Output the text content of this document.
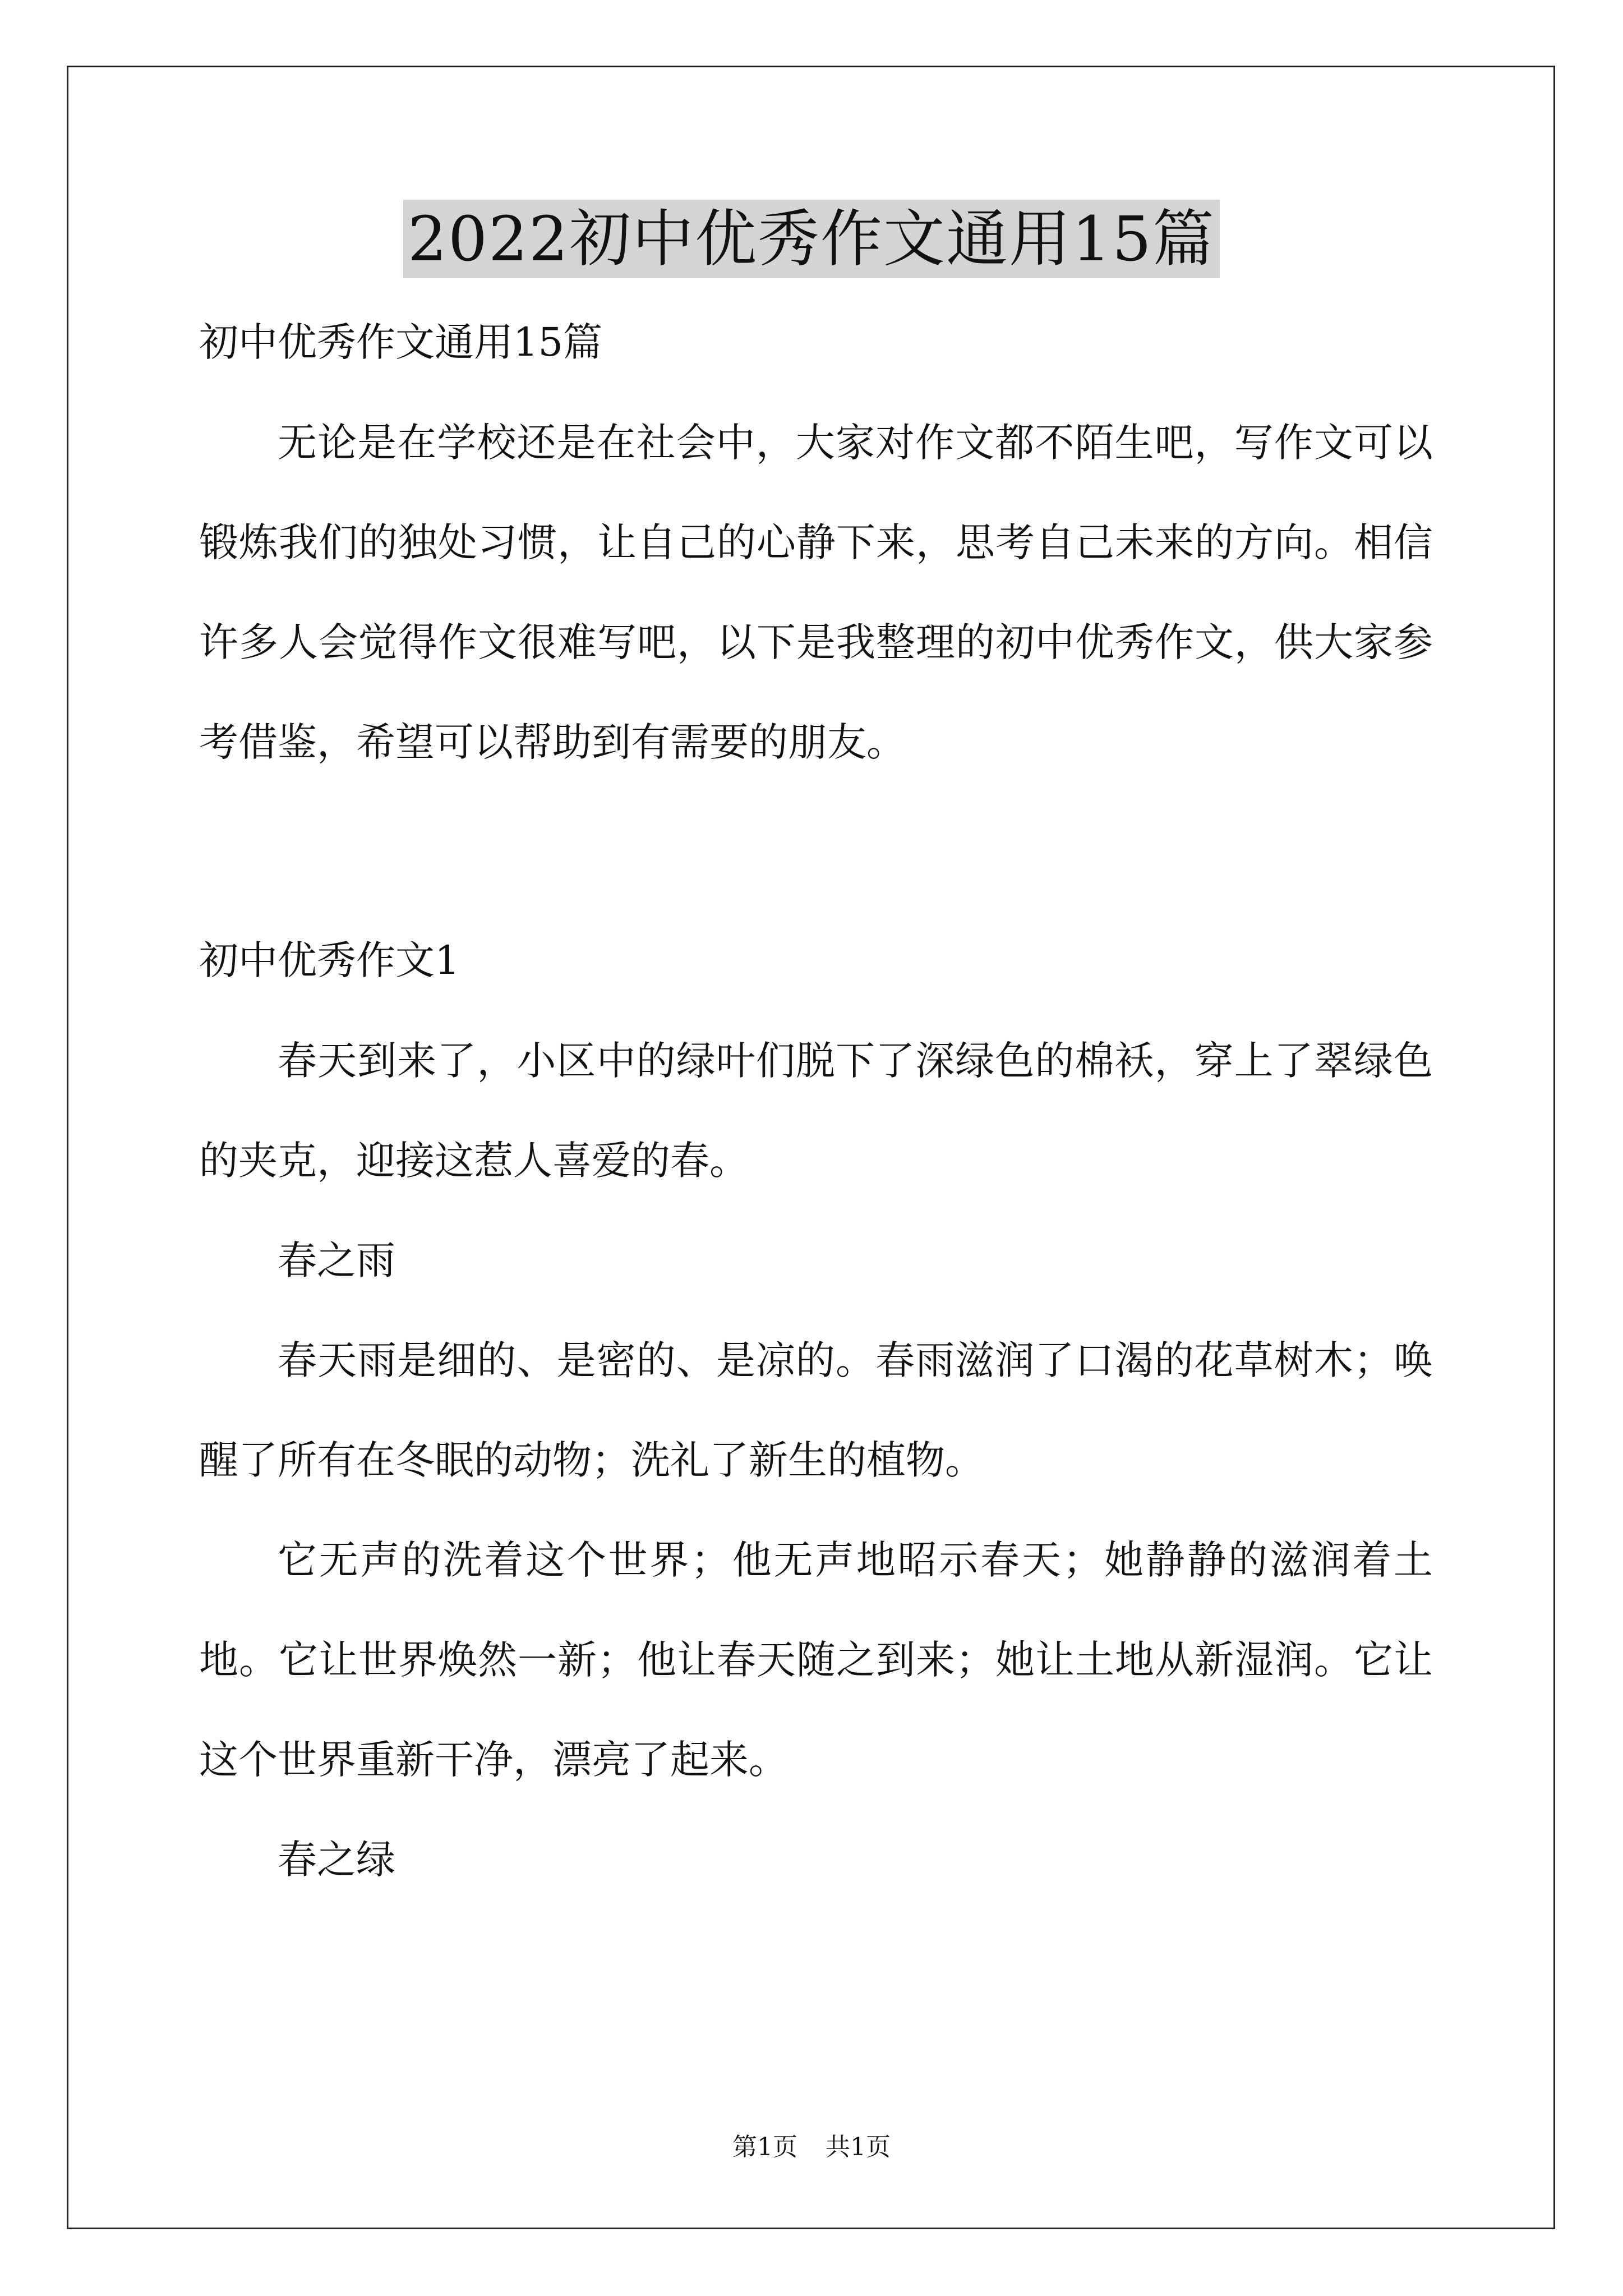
2022初中优秀作文通用15篇

初中优秀作文通用15篇

无论是在学校还是在社会中，大家对作文都不陌生吧，写作文可以锻炼我们的独处习惯，让自己的心静下来，思考自己未来的方向。相信许多人会觉得作文很难写吧，以下是我整理的初中优秀作文，供大家参考借鉴，希望可以帮助到有需要的朋友。

初中优秀作文1

春天到来了，小区中的绿叶们脱下了深绿色的棉袄，穿上了翠绿色的夹克，迎接这惹人喜爱的春。

春之雨

春天雨是细的、是密的、是凉的。春雨滋润了口渴的花草树木；唤醒了所有在冬眠的动物；洗礼了新生的植物。

它无声的洗着这个世界；他无声地昭示春天；她静静的滋润着土地。它让世界焕然一新；他让春天随之到来；她让土地从新湿润。它让这个世界重新干净，漂亮了起来。

春之绿

第1页 共1页
